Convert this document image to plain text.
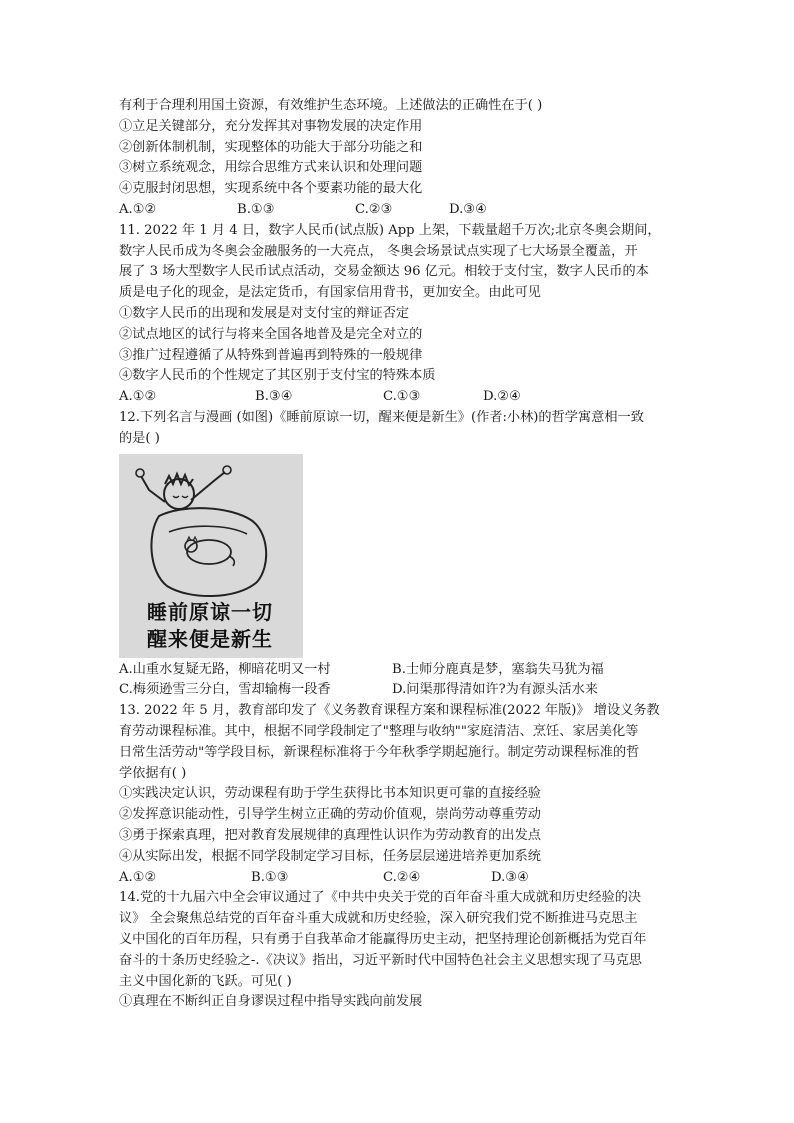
有利于合理利用国土资源，有效维护生态环境。上述做法的正确性在于( )
①立足关键部分，充分发挥其对事物发展的决定作用
②创新体制机制，实现整体的功能大于部分功能之和
③树立系统观念，用综合思维方式来认识和处理问题
④克服封闭思想，实现系统中各个要素功能的最大化
A.①②	B.①③	C.②③	D.③④
11. 2022 年 1 月 4 日，数字人民币(试点版) App 上架，下载量超千万次;北京冬奥会期间，
数字人民币成为冬奥会金融服务的一大亮点， 冬奥会场景试点实现了七大场景全覆盖，开
展了 3 场大型数字人民币试点活动，交易金额达 96 亿元。相较于支付宝，数字人民币的本
质是电子化的现金，是法定货币，有国家信用背书，更加安全。由此可见
①数字人民币的出现和发展是对支付宝的辩证否定
②试点地区的试行与将来全国各地普及是完全对立的
③推广过程遵循了从特殊到普遍再到特殊的一般规律
④数字人民币的个性规定了其区别于支付宝的特殊本质
A.①②	B.③④	C.①③	D.②④
12.下列名言与漫画 (如图)《睡前原谅一切，醒来便是新生》(作者:小林)的哲学寓意相一致
的是( )
睡前原谅一切
醒来便是新生
A.山重水复疑无路，柳暗花明又一村	B.士师分鹿真是梦，塞翁失马犹为福
C.梅须逊雪三分白，雪却输梅一段香	D.问渠那得清如许?为有源头活水来
13. 2022 年 5 月，教育部印发了《义务教育课程方案和课程标准(2022 年版)》 增设义务教
育劳动课程标准。其中，根据不同学段制定了"整理与收纳""家庭清洁、烹饪、家居美化等
日常生活劳动"等学段目标，新课程标准将于今年秋季学期起施行。制定劳动课程标准的哲
学依据有( )
①实践决定认识，劳动课程有助于学生获得比书本知识更可靠的直接经验
②发挥意识能动性，引导学生树立正确的劳动价值观，崇尚劳动尊重劳动
③勇于探索真理，把对教育发展规律的真理性认识作为劳动教育的出发点
④从实际出发，根据不同学段制定学习目标，任务层层递进培养更加系统
A.①②	B.①③	C.②④	D.③④
14.党的十九届六中全会审议通过了《中共中央关于党的百年奋斗重大成就和历史经验的决
议》 全会聚焦总结党的百年奋斗重大成就和历史经验，深入研究我们党不断推进马克思主
义中国化的百年历程，只有勇于自我革命才能赢得历史主动，把坚持理论创新概括为党百年
奋斗的十条历史经验之-.《决议》指出，习近平新时代中国特色社会主义思想实现了马克思
主义中国化新的飞跃。可见( )
①真理在不断纠正自身谬误过程中指导实践向前发展
